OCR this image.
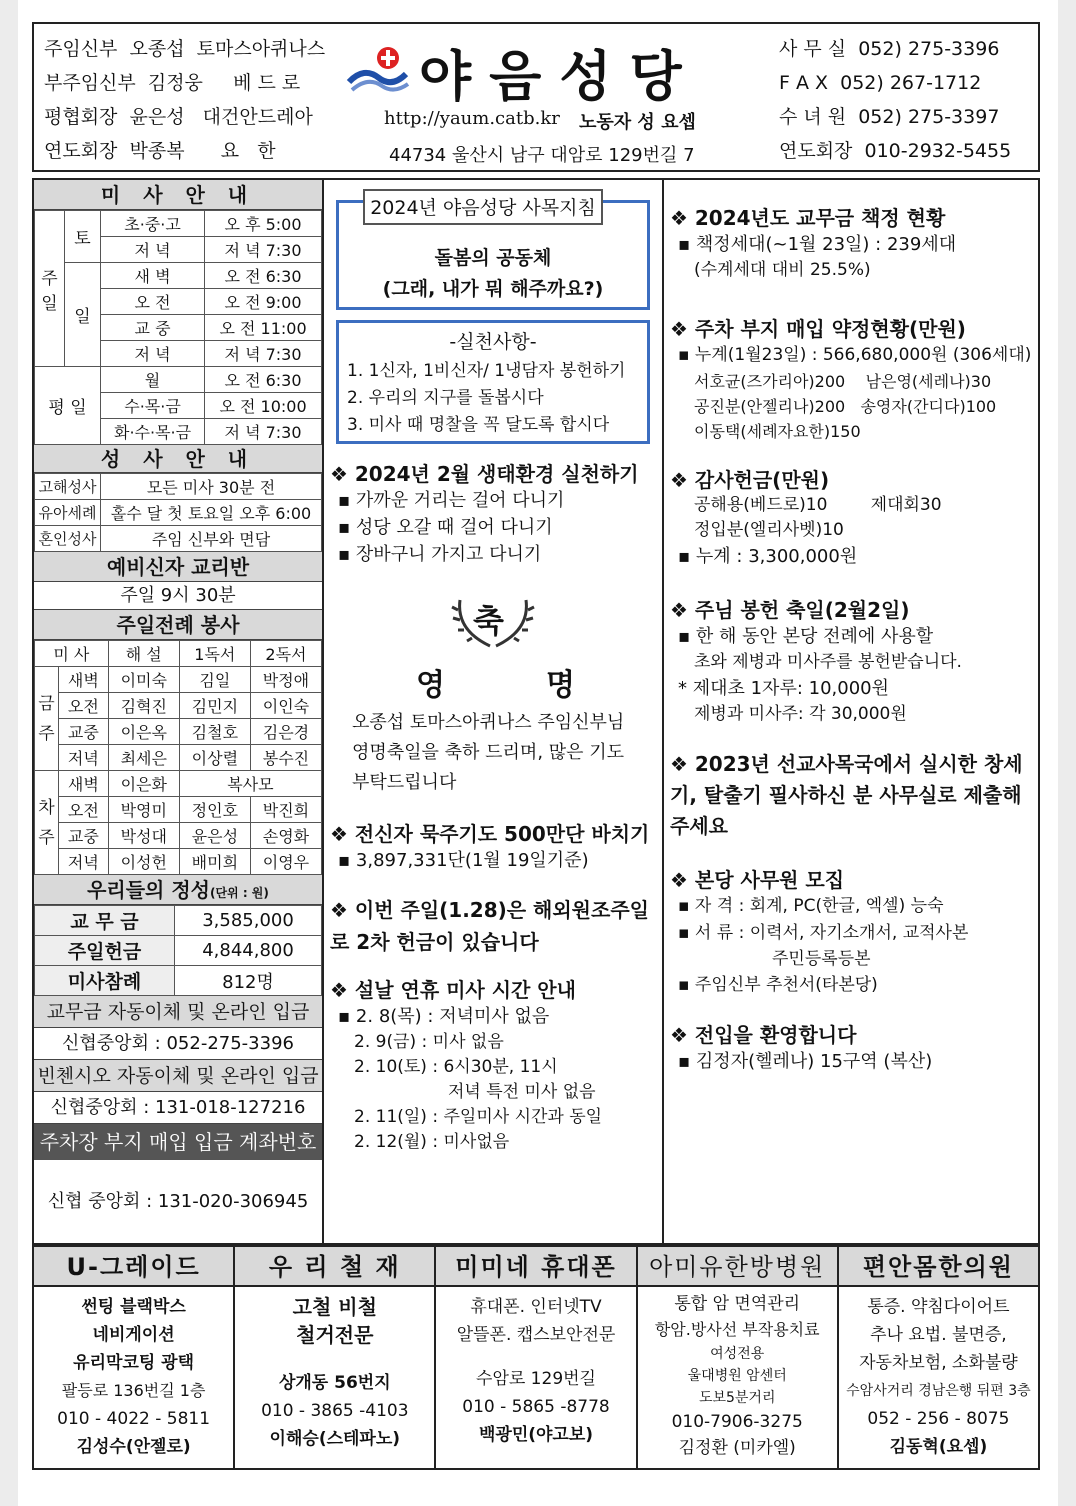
주임신부  오종섭  토마스아퀴나스
부주임신부  김정웅     베 드 로
평협회장  윤은성   대건안드레아
연도회장  박종복      요   한
야음성당
http://yaum.catb.kr 노동자 성 요셉
44734 울산시 남구 대암로 129번길 7
사 무 실  052) 275-3396
F A X  052) 267-1712
수 녀 원  052) 275-3397
연도회장  010-2932-5455
미 사 안 내
주일	토	초·중·고	오 후 5:00
		저 녁	저 녁 7:30
	일	새 벽	오 전 6:30
		오 전	오 전 9:00
		교 중	오 전 11:00
		저 녁	저 녁 7:30
평 일		월	오 전 6:30
		수·목·금	오 전 10:00
		화·수·목·금	저 녁 7:30
성 사 안 내
고해성사	모든 미사 30분 전
유아세례	홀수 달 첫 토요일 오후 6:00
혼인성사	주임 신부와 면담
예비신자 교리반
주일 9시 30분
주일전례 봉사
미 사		해 설	1독서	2독서
금
주	새벽	이미숙	김일	박정애
	오전	김혁진	김민지	이인숙
	교중	이은옥	김철호	김은경
	저녁	최세은	이상렬	봉수진
차
주	새벽	이은화	복사모	
	오전	박영미	정인호	박진희
	교중	박성대	윤은성	손영화
	저녁	이성헌	배미희	이영우
우리들의 정성(단위 : 원)
교 무 금	3,585,000
주일헌금	4,844,800
미사참례	812명
교무금 자동이체 및 온라인 입금
신협중앙회 : 052-275-3396
빈첸시오 자동이체 및 온라인 입금
신협중앙회 : 131-018-127216
주차장 부지 매입 입금 계좌번호
신협 중앙회 : 131-020-306945
2024년 야음성당 사목지침
돌봄의 공동체
(그래, 내가 뭐 해주까요?)
-실천사항-
1. 1신자, 1비신자/ 1냉담자 봉헌하기
2. 우리의 지구를 돌봅시다
3. 미사 때 명찰을 꼭 달도록 합시다
❖ 2024년 2월 생태환경 실천하기
▪ 가까운 거리는 걸어 다니기
▪ 성당 오갈 때 걸어 다니기
▪ 장바구니 가지고 다니기
축
영	명
오종섭 토마스아퀴나스 주임신부님 영명축일을 축하 드리며, 많은 기도 부탁드립니다
❖ 전신자 묵주기도 500만단 바치기
▪ 3,897,331단(1월 19일기준)
❖ 이번 주일(1.28)은 해외원조주일로 2차 헌금이 있습니다
❖ 설날 연휴 미사 시간 안내
▪ 2. 8(목) : 저녁미사 없음
2. 9(금) : 미사 없음
2. 10(토) : 6시30분, 11시
저녁 특전 미사 없음
2. 11(일) : 주일미사 시간과 동일
2. 12(월) : 미사없음
❖ 2024년도 교무금 책정 현황
▪ 책정세대(~1월 23일) : 239세대
(수계세대 대비 25.5%)
❖ 주차 부지 매입 약정현황(만원)
▪ 누계(1월23일) : 566,680,000원 (306세대)
서호균(즈가리아)200    남은영(세레나)30
공진분(안젤리나)200   송영자(간디다)100
이동택(세례자요한)150
❖ 감사헌금(만원)
공해용(베드로)10        제대회30
정입분(엘리사벳)10
▪ 누계 : 3,300,000원
❖ 주님 봉헌 축일(2월2일)
▪ 한 해 동안 본당 전례에 사용할
초와 제병과 미사주를 봉헌받습니다.
* 제대초 1자루: 10,000원
제병과 미사주: 각 30,000원
❖ 2023년 선교사목국에서 실시한 창세기, 탈출기 필사하신 분 사무실로 제출해 주세요
❖ 본당 사무원 모집
▪ 자 격 : 회계, PC(한글, 엑셀) 능숙
▪ 서 류 : 이력서, 자기소개서, 교적사본
주민등록등본
▪ 주임신부 추천서(타본당)
❖ 전입을 환영합니다
▪ 김정자(헬레나) 15구역 (복산)
U-그레이드
썬팅 블랙박스
네비게이션
유리막코팅 광택
팔등로 136번길 1층
010 - 4022 - 5811
김성수(안젤로)
우 리 철 재
고철 비철
철거전문
상개동 56번지
010 - 3865 -4103
이해승(스테파노)
미미네 휴대폰
휴대폰. 인터넷TV
알뜰폰. 캡스보안전문
수암로 129번길
010 - 5865 -8778
백광민(야고보)
아미유한방병원
통합 암 면역관리
항암.방사선 부작용치료
여성전용
울대병원 암센터
도보5분거리
010-7906-3275
김정환 (미카엘)
편안몸한의원
통증. 약침다이어트
추나 요법. 불면증,
자동차보험, 소화불량
수암사거리 경남은행 뒤편 3층
052 - 256 - 8075
김동혁(요셉)
